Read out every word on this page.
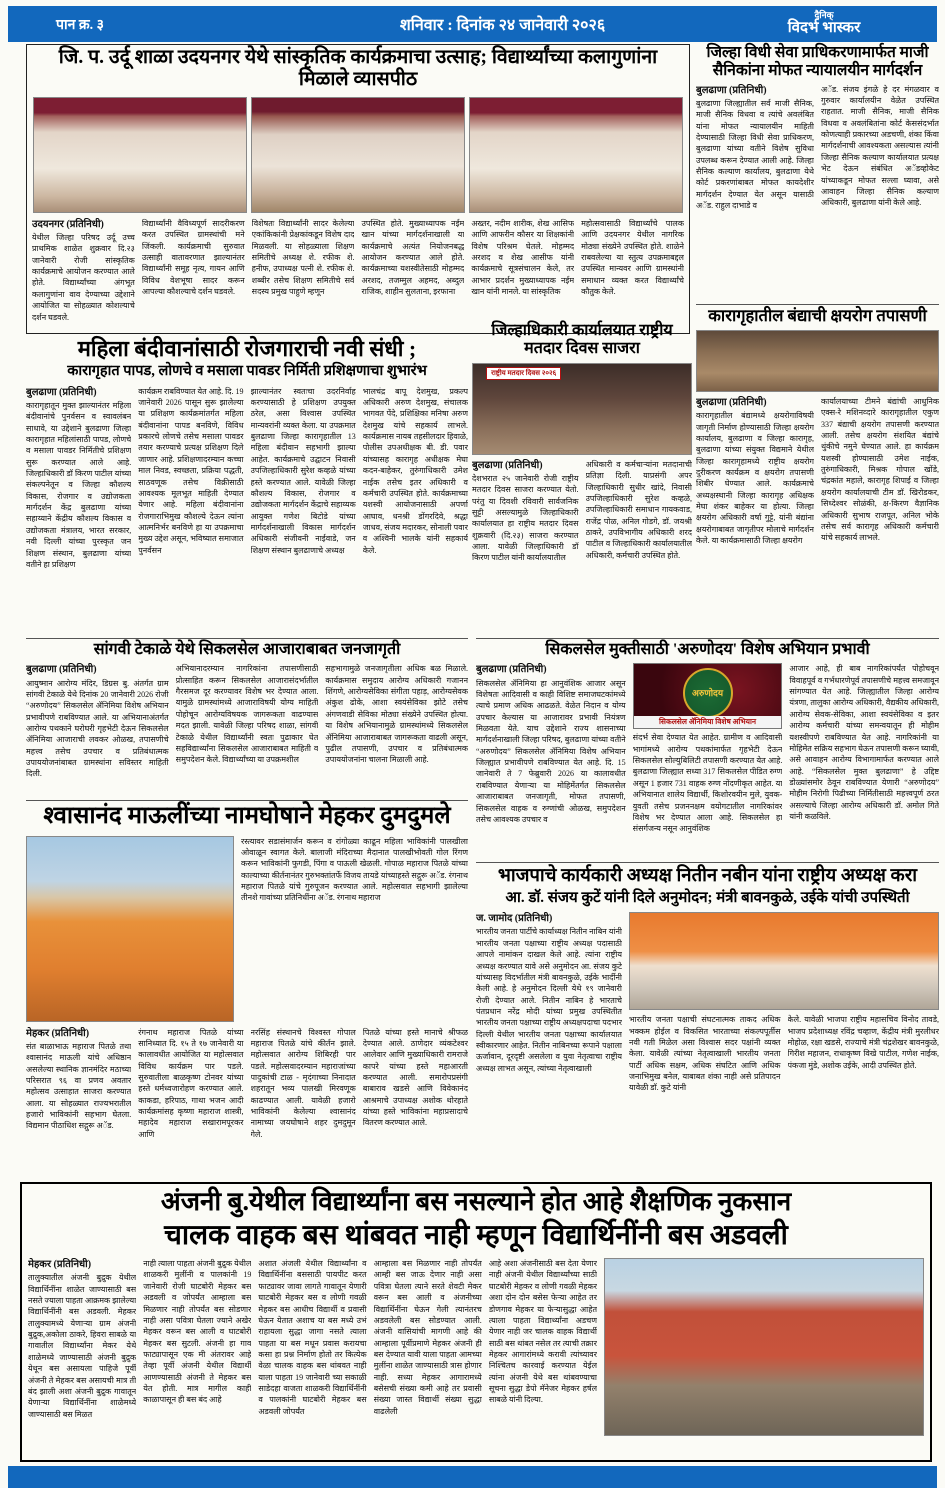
पान क्र. ३	शनिवार : दिनांक २४ जानेवारी २०२६
दैनिक्
विदर्भ भास्कर
जि. प. उर्दू शाळा उदयनगर येथे सांस्कृतिक कार्यक्रमाचा उत्साह; विद्यार्थ्यांच्या कलागुणांना मिळाले व्यासपीठ
उदयनगर (प्रतिनिधी)
येथील जिल्हा परिषद उर्दू उच्च प्राथमिक शाळेत शुक्रवार दि.२३ जानेवारी रोजी सांस्कृतिक कार्यक्रमाचे आयोजन करण्यात आले होते. विद्यार्थ्यांच्या अंगभूत कलागुणांना वाव देण्याच्या उद्देशाने आयोजित या सोहळ्यात कोशल्याचे दर्शन घडवले.
विद्यार्थ्यांनी वैविध्यपूर्ण सादरीकरण करत उपस्थित ग्रामस्थांची मने जिंकली. कार्यक्रमाची सुरुवात उत्साही वातावरणात झाल्यानंतर विद्यार्थ्यांनी समूह नृत्य, गायन आणि विविध वेशभूषा सादर करून आपल्या कौशल्याचे दर्शन घडवले.
विशेषतः विद्यार्थ्यांनी सादर केलेल्या एकांकिकांनी प्रेक्षकांकडून विशेष दाद मिळवली. या सोहळ्याला शिक्षण समितीचे अध्यक्ष शे. रफीक शे. हनीफ, उपाध्यक्ष पत्नी शे. रफीक शे. शब्बीर तसेच शिक्षण समितीचे सर्व सदस्य प्रमुख पाहुणे म्हणून
उपस्थित होते. मुख्याध्यापक नईम खान यांच्या मार्गदर्शनाखाली या कार्यक्रमाचे अत्यंत नियोजनबद्ध आयोजन करण्यात आले होते. कार्यक्रमाच्या यशस्वीतेसाठी मोहम्मद अरशद, तजम्मुल अहमद, अब्दुल राजिक, शाहीन सुलताना, इरफाना
अख्तर, नदीम शारीक, शेख आसिफ आणि आफरीन कौसर या शिक्षकांनी विशेष परिश्रम घेतले. मोहम्मद अरशद व शेख आसीफ यांनी कार्यक्रमाचे सूत्रसंचालन केले, तर आभार प्रदर्शन मुख्याध्यापक नईम खान यांनी मानले. या सांस्कृतिक
महोत्सवासाठी विद्यार्थ्यांचे पालक आणि उदयनगर येथील नागरिक मोठ्या संख्येने उपस्थित होते. शाळेने राबवलेल्या या स्तुत्य उपक्रमाबद्दल उपस्थित मान्यवर आणि ग्रामस्थांनी समाधान व्यक्त करत विद्यार्थ्यांचे कौतुक केले.
जिल्हा विधी सेवा प्राधिकरणामार्फत माजी सैनिकांना मोफत न्यायालयीन मार्गदर्शन
बुलढाणा (प्रतिनिधी)
बुलढाणा जिल्ह्यातील सर्व माजी सैनिक, माजी सैनिक विधवा व त्यांचे अवलंबित यांना मोफत न्यायालयीन माहिती देण्यासाठी जिल्हा विधी सेवा प्राधिकरण, बुलढाणा यांच्या वतीने विशेष सुविधा उपलब्ध करून देण्यात आली आहे. जिल्हा सैनिक कल्याण कार्यालय, बुलढाणा येथे कोर्ट प्रकरणांबाबत मोफत कायदेशीर मार्गदर्शन देण्यात येत असून यासाठी अॅड. राहुल दाभाडे व
अॅड. संजय इंगळे हे दर मंगळवार व गुरुवार कार्यालयीन वेळेत उपस्थित राहतात. माजी सैनिक, माजी सैनिक विधवा व अवलंबितांना कोर्ट केससंदर्भात कोणत्याही प्रकारच्या अडचणी, शंका किंवा मार्गदर्शनाची आवश्यकता असल्यास त्यांनी जिल्हा सैनिक कल्याण कार्यालयात प्रत्यक्ष भेट देऊन संबंधित अॅडव्होकेट यांच्याकडून मोफत सल्ला घ्यावा, असे आवाहन जिल्हा सैनिक कल्याण अधिकारी, बुलढाणा यांनी केले आहे.
कारागृहातील बंद्याची क्षयरोग तपासणी
बुलढाणा (प्रतिनिधी)
कारागृहातील बंद्यामध्ये क्षयरोगाविषयी जागृती निर्माण होण्यासाठी जिल्हा क्षयरोग कार्यालय, बुलढाणा व जिल्हा कारागृह, बुलढाणा यांच्या संयुक्त विद्यमाने येथील जिल्हा कारागृहामध्ये राष्ट्रीय क्षयरोग दुरीकरण कार्यक्रम व क्षयरोग तपासणी शिबीर घेण्यात आले. कार्यक्रमाचे अध्यक्षस्थानी जिल्हा कारागृह अधिक्षक मेघा शंकर बाहेकर या होत्या. जिल्हा क्षयरोग अधिकारी वर्षा गुट्टे, यांनी बंद्यांना क्षयरोगाबाबत जागृतीपर मोलाचे मार्गदर्शन केले. या कार्यक्रमासाठी जिल्हा क्षयरोग
कार्यालयाच्या टीमने बंद्यांची आधुनिक एक्स-रे मशिनव्दारे कारागृहातील एकुण 337 बंद्याची क्षयरोग तपासणी करण्यात आली. तसेच क्षयरोग संशयित बंद्यांचे थुंकीचे नमुने घेण्यात आले. हा कार्यक्रम यशस्वी होण्यासाठी उमेश नाईक, तुरुंगाधिकारी, मिश्रक गोपाल खोंडे, चंद्रकांत महाले, कारागृह शिपाई व जिल्हा क्षयरोग कार्यालयाची टीम डॉ. खिरोडकर, सिध्देश्वर सोळंकी, क्ष-किरण वैज्ञानिक अधिकारी सुभाष राजपूत, अनिल भोके तसेच सर्व कारागृह अधिकारी कर्मचारी यांचे सहकार्य लाभले.
महिला बंदीवानांसाठी रोजगाराची नवी संधी ;
कारागृहात पापड, लोणचे व मसाला पावडर निर्मिती प्रशिक्षणाचा शुभारंभ
बुलढाणा (प्रतिनिधी)
कारागृहातून मुक्त झाल्यानंतर महिला बंदीवानांचे पुनर्वसन व स्वावलंबन साधावे, या उद्देशाने बुलढाणा जिल्हा कारागृहात महिलांसाठी पापड, लोणचे व मसाला पावडर निर्मितीचे प्रशिक्षण सुरू करण्यात आले आहे. जिल्हाधिकारी डॉ किरण पाटील यांच्या संकल्पनेतून व जिल्हा कौशल्य विकास, रोजगार व उद्योजकता मार्गदर्शन केंद्र बुलढाणा यांच्या सहाय्याने केंद्रीय कौशल्य विकास व उद्योजकता मंत्रालय, भारत सरकार, नवी दिल्ली यांच्या पुरस्कृत जन शिक्षण संस्थान, बुलढाणा यांच्या वतीने हा प्रशिक्षण
कार्यक्रम राबविण्यात येत आहे. दि. 19 जानेवारी 2026 पासून सुरू झालेल्या या प्रशिक्षण कार्यक्रमांतर्गत महिला बंदीवानांना पापड बनविणे, विविध प्रकारचे लोणचे तसेच मसाला पावडर तयार करण्याचे प्रत्यक्ष प्रशिक्षण दिले जाणार आहे. प्रशिक्षणादरम्यान कच्चा माल निवड, स्वच्छता, प्रक्रिया पद्धती, साठवणूक तसेच विक्रीसाठी आवश्यक मूलभूत माहिती देण्यात येणार आहे. महिला बंदीवानांना रोजगाराभिमुख कौशल्ये देऊन त्यांना आत्मनिर्भर बनविणे हा या उपक्रमाचा मुख्य उद्देश असून, भविष्यात समाजात पुनर्वसन
झाल्यानंतर स्वतःचा उदरनिर्वाह करण्यासाठी हे प्रशिक्षण उपयुक्त ठरेल, असा विश्वास उपस्थित मान्यवरांनी व्यक्त केला. या उपक्रमात बुलढाणा जिल्हा कारागृहातील 13 महिला बंदीवान सहभागी झाल्या आहेत. कार्यक्रमाचे उद्घाटन निवासी उपजिल्हाधिकारी सुरेश कव्हळे यांच्या हस्ते करण्यात आले. यावेळी जिल्हा कौशल्य विकास, रोजगार व उद्योजकता मार्गदर्शन केंद्राचे सहाय्यक आयुक्त गणेश बिटोडे यांच्या मार्गदर्शनाखाली विकास मार्गदर्शन अधिकारी संजीवनी नाईवाडे, जन शिक्षण संस्थान बुलढाणाचे अध्यक्ष
भालचंद्र बापू देशमुख, प्रकल्प अधिकारी अरुण देशमुख, संचालक भागवत पेंदे, प्रशिक्षिका मनिषा अरुण देशमुख यांचे सहकार्य लाभले. कार्यक्रमास नायब तहसीलदार हिवाळे, पोलीस उपअधीक्षक बी. डी. पवार यांच्यासह कारागृह अधीक्षक मेघा कदन-बाहेकर, तुरुंगाधिकारी उमेश नाईक तसेच इतर अधिकारी व कर्मचारी उपस्थित होते. कार्यक्रमाच्या यशस्वी आयोजनासाठी अपर्णा आघाव, धनश्री डोंगरदिवे, श्रद्धा जाधव, संजय मदारकर, सोनाली पवार व अश्विनी भालके यांनी सहकार्य केले.
जिल्हाधिकारी कार्यालयात राष्ट्रीय मतदार दिवस साजरा
राष्ट्रीय मतदार दिवस २०२६
बुलढाणा (प्रतिनिधी)
देशभरात २५ जानेवारी रोजी राष्ट्रीय मतदार दिवस साजरा करण्यात येतो. परंतु या दिवशी रविवारी सार्वजनिक सुट्टी असल्यामुळे जिल्हाधिकारी कार्यालयात हा राष्ट्रीय मतदार दिवस शुक्रवारी (दि.२३) साजरा करण्यात आला. यावेळी जिल्हाधिकारी डॉ किरण पाटील यांनी कार्यालयातील
अधिकारी व कर्मचाऱ्यांना मतदानाची प्रतिज्ञा दिली. याप्रसंगी अपर जिल्हाधिकारी सुधीर खांदे, निवासी उपजिल्हाधिकारी सुरेश कव्हळे, उपजिल्हाधिकारी समाधान गायकवाड, राजेंद्र पोळ, अनिल गोडगे, डॉ. जयश्री ठाकरे, उपविभागीय अधिकारी शरद पाटील व जिल्हाधिकारी कार्यालयातील अधिकारी, कर्मचारी उपस्थित होते.
सांगवी टेकाळे येथे सिकलसेल आजाराबाबत जनजागृती
बुलढाणा (प्रतिनिधी)
आयुष्मान आरोग्य मंदिर, डिग्रस बु. अंतर्गत ग्राम सांगवी टेकाळे येथे दिनांक 20 जानेवारी 2026 रोजी “अरुणोदय” सिकलसेल ॲनिमिया विशेष अभियान प्रभावीपणे राबविण्यात आले. या अभियानाअंतर्गत आरोग्य पथकाने घरोघरी गृहभेटी देऊन सिकलसेल ॲनिमिया आजाराची लवकर ओळख, तपासणीचे महत्त्व तसेच उपचार व प्रतिबंधात्मक उपाययोजनांबाबत ग्रामस्थांना सविस्तर माहिती दिली.
अभियानादरम्यान नागरिकांना तपासणीसाठी प्रोत्साहित करून सिकलसेल आजारासंदर्भातील गैरसमज दूर करण्यावर विशेष भर देण्यात आला. यामुळे ग्रामस्थांमध्ये आजाराविषयी योग्य माहिती पोहोचून आरोग्यविषयक जागरूकता वाढण्यास मदत झाली. यावेळी जिल्हा परिषद शाळा, सांगवी टेकाळे येथील विद्यार्थ्यांनी स्वतः पुढाकार घेत सहविद्यार्थ्यांना सिकलसेल आजाराबाबत माहिती व समुपदेशन केले. विद्यार्थ्यांच्या या उपक्रमशील
सहभागामुळे जनजागृतीला अधिक बळ मिळाले. कार्यक्रमास समुदाय आरोग्य अधिकारी गजानन शिंगणे, आरोग्यसेविका संगीता पहाड़, आरोग्यसेवक अंकुश ढोके, आशा स्वयंसेविका झोटे तसेच अंगणवाडी सेविका मोठ्या संख्येने उपस्थित होत्या. या विशेष अभियानामुळे ग्रामस्थांमध्ये सिकलसेल ॲनिमिया आजाराबाबत जागरूकता वाढली असून, पुढील तपासणी, उपचार व प्रतिबंधात्मक उपाययोजनांना चालना मिळाली आहे.
सिकलसेल मुक्तीसाठी 'अरुणोदय' विशेष अभियान प्रभावी
बुलढाणा (प्रतिनिधी)
सिकलसेल ॲनिमिया हा आनुवंशिक आजार असून विशेषतः आदिवासी व काही विशिष्ट समाजघटकांमध्ये त्याचे प्रमाण अधिक आढळते. वेळेत निदान व योग्य उपचार केल्यास या आजारावर प्रभावी नियंत्रण मिळवता येते. याच उद्देशाने राज्य शासनाच्या मार्गदर्शनाखाली जिल्हा परिषद, बुलढाणा यांच्या वतीने “अरुणोदय” सिकलसेल ॲनिमिया विशेष अभियान जिल्ह्यात प्रभावीपणे राबविण्यात येत आहे. दि. 15 जानेवारी ते 7 फेब्रुवारी 2026 या कालावधीत राबविण्यात येणाऱ्या या मोहिमेंतर्गत सिकलसेल आजाराबाबत जनजागृती, मोफत तपासणी, सिकलसेल वाहक व रुग्णांची ओळख, समुपदेशन तसेच आवश्यक उपचार व
अरुणोदय
सिकलसेल ॲनिमिया विशेष अभियान
संदर्भ सेवा देण्यात येत आहेत. ग्रामीण व आदिवासी भागांमध्ये आरोग्य पथकांमार्फत गृहभेटी देऊन सिकलसेल सोल्युबिलिटी तपासणी करण्यात येत आहे. बुलढाणा जिल्ह्यात सध्या 317 सिकलसेल पीडित रुग्ण असून 1 हजार 731 वाहक रुग्ण नोंदणीकृत आहेत. या अभियानात शालेय विद्यार्थी, किशोरवयीन मुले, युवक-युवती तसेच प्रजननक्षम वयोगटातील नागरिकांवर विशेष भर देण्यात आला आहे. सिकलसेल हा संसर्गजन्य नसून आनुवंशिक
आजार आहे, ही बाब नागरिकांपर्यंत पोहोचवून विवाहपूर्व व गर्भधारणेपूर्व तपासणीचे महत्त्व समजावून सांगण्यात येत आहे. जिल्ह्यातील जिल्हा आरोग्य यंत्रणा, तालुका आरोग्य अधिकारी, वैद्यकीय अधिकारी, आरोग्य सेवक-सेविका, आशा स्वयंसेविका व इतर आरोग्य कर्मचारी यांच्या समन्वयातून ही मोहीम यशस्वीपणे राबविण्यात येत आहे. नागरिकांनी या मोहिमेत सक्रिय सहभाग घेऊन तपासणी करून घ्यावी, असे आवाहन आरोग्य विभागामार्फत करण्यात आले आहे. “सिकलसेल मुक्त बुलढाणा” हे उद्दिष्ट डोळ्यांसमोर ठेवून राबविण्यात येणारी “अरुणोदय” मोहीम निरोगी पिढीच्या निर्मितीसाठी महत्त्वपूर्ण ठरत असल्याचे जिल्हा आरोग्य अधिकारी डॉ. अमोल गिते यांनी कळविले.
श्वासानंद माऊलींच्या नामघोषाने मेहकर दुमदुमले
रस्त्यावर सडासंमार्जन करून व रांगोळ्या काढून महिला भाविकांनी पालखीला ओवाळून स्वागत केले. बालाजी मंदिराच्या मैदानात पालखीभोवती गोल रिंगण करून भाविकांनी फुगडी, पिंगा व पाऊली खेळली. गोपाळ महाराज पितळे यांच्या काल्याच्या कीर्तनानंतर गुरुभक्तांतर्फे विजय तायडे यांच्याहस्ते सद्गुरू अॅड. रंगनाथ महाराज पितळे यांचे गुरुपूजन करण्यात आले. महोत्सवात सहभागी झालेल्या तीनशे गावांच्या प्रतिनिधींना अॅड. रंगनाथ महाराज
मेहकर (प्रतिनिधी)
संत बाळाभाऊ महाराज पितळे तथा श्वासानंद माऊली यांचे अधिष्ठान असलेल्या स्थानिक ज्ञानमंदिर मठाच्या परिसरात ९६ वा प्रणव अवतार महोत्सव उत्साहात साजरा करण्यात आला. या सोहळ्यात राज्यभरातील हजारो भाविकांनी सहभाग घेतला. विद्यमान पीठाधिश सद्गुरू अॅड.
रंगनाथ महाराज पितळे यांच्या सानिध्यात दि. १५ ते १७ जानेवारी या कालावधीत आयोजित या महोत्सवात विविध कार्यक्रम पार पडले. सुरुवातीला बाळकृष्ण टोनवर यांच्या हस्ते धर्मध्वजारोहण करण्यात आले. काकडा, हरिपाठ, गाथा भजन आदी कार्यक्रमांसह कृष्णा महाराज शास्त्री, महादेव महाराज सखारामपूरकर आणि
नरसिंह संस्थानचे विश्वस्त गोपाल महाराज पितळे यांचे कीर्तन झाले. महोत्सवात आरोग्य शिबिरही पार पडले. महोत्सवादरम्यान महाराजांच्या पादुकांची टाळ - मृदंगाच्या निनादात शहरातून भव्य पालखी मिरवणूक काढण्यात आली. यावेळी हजारो भाविकांनी केलेल्या श्वासानंद नामाच्या जयघोषाने शहर दुमदुमून गेले.
पितळे यांच्या हस्ते मानाचे श्रीफळ देण्यात आले. ठाणेदार व्यंकटेश्वर आलेवार आणि मुख्याधिकारी रामराजे कापरे यांच्या हस्ते महाआरती करण्यात आली. समारोपप्रसंगी बाबाराव खडसे आणि विवेकानंद आश्रमाचे उपाध्यक्ष अशोक थोरहाते यांच्या हस्ते भाविकांना महाप्रसादाचे वितरण करण्यात आले.
भाजपाचे कार्यकारी अध्यक्ष नितीन नबीन यांना राष्ट्रीय अध्यक्ष करा
आ. डॉ. संजय कुटें यांनी दिले अनुमोदन; मंत्री बावनकुळे, उईके यांची उपस्थिती
ज. जामोद (प्रतिनिधी)
भारतीय जनता पार्टीचे कार्याध्यक्ष नितीन नाबिन यांनी भारतीय जनता पक्षाच्या राष्ट्रीय अध्यक्ष पदासाठी आपले नामांकन दाखल केले आहे. त्यांना राष्ट्रीय अध्यक्ष करण्यात यावे असे अनुमोदन आ. संजय कुटे यांच्यासह विदर्भातील मंत्री बावनकुळे, उईके भार्दीनी केली आहे. हे अनुमोदन दिल्ली येथे १९ जानेवारी रोजी देण्यात आले. नितीन नाबिन हे भारताचे पंतप्रधान नरेंद्र मोदी यांच्या प्रमुख उपस्थितीत भारतीय जनता पक्षाच्या राष्ट्रीय अध्यक्षपदाचा पदभार दिल्ली येथील भारतीय जनता पक्षाच्या कार्यालयात स्वीकारणार आहेत. नितीन नाबिनच्या रूपाने पक्षाला ऊर्जावान, दूरदृष्टी असलेला व युवा नेतृत्वाचा राष्ट्रीय अध्यक्ष लाभत असून, त्यांच्या नेतृत्वाखाली
भारतीय जनता पक्षाची संघटनात्मक ताकद अधिक भक्कम होईल व विकसित भारताच्या संकल्पपूर्तीस नवी गती मिळेल असा विश्वास सदर पक्षांनी व्यक्त केला. यावेळी त्यांच्या नेतृत्वाखाली भारतीय जनता पार्टी अधिक सक्षम, अधिक संघटित आणि अधिक जनाभिमुख बनेल, याबाबत शंका नाही असे प्रतिपादन यावेळी डॉ. कुटे यांनी
केले. यावेळी भाजपा राष्ट्रीय महासचिव विनोद तावडे, भाजप प्रदेशाध्यक्ष रविंद्र चव्हाण, केंद्रीय मंत्री मुरलीधर मोहोळ, रक्षा खडसे, राज्याचे मंत्री चंद्रशेखर बावनकुळे, गिरीश महाजन, राधाकृष्ण विखे पाटील, गणेश नाईक, पंकजा मुंडे, अशोक उईके, आदी उपस्थित होते.
अंजनी बु.येथील विद्यार्थ्यांना बस नसल्याने होत आहे शैक्षणिक नुकसान
चालक वाहक बस थांबवत नाही म्हणून विद्यार्थिनींनी बस अडवली
मेहकर (प्रतिनिधी)
तालुक्यातील अंजनी बुद्रुक येथील विद्यार्थिनींना शाळेत जाण्यासाठी बस नसते ज्याला पाहता आक्रमक झालेल्या विद्यार्थिनींनी बस अडवली. मेहकर तालुक्यामध्ये येणाऱ्या ग्राम अंजनी बुद्रुक,अकोला ठाकरे, हिवरा साबळे या गावातील विद्यार्थ्यांना मेकर येथे शाळेमध्ये जाण्यासाठी अंजनी बुद्रुक येथून बस असायला पाहिजे पूर्वी अंजनी ते मेहकर बस असायची मात्र ती बंद झाली अशा अंजनी बुद्रुक गावातून येणाऱ्या विद्यार्थिनींना शाळेमध्ये जाण्यासाठी बस मिळत
नाही त्याला पाहता अंजनी बुद्रुक येथील शाळकरी मुलींनी व पालकांनी 19 जानेवारी रोजी घाटबोरी मेहकर बस अडवली व जोपर्यंत आम्हाला बस मिळणार नाही तोपर्यंत बस सोडणार नाही असा पवित्रा घेतला ज्याने अखेर मेहकर वरून बस आली व घाटबोरी मेहकर बस सुटली. अंजनी हा गाव फाट्यापासून एक मी अंतरावर आहे तेव्हा पूर्वी अंजनी येथील विद्यार्थी आणण्यासाठी अंजनी ते मेहकर बस येत होती. मात्र मागील काही काळापासून ही बस बंद आहे
अशात अंजली येथील विद्यार्थ्यांना व विद्यार्थिनींना बससाठी पायपीट करत फाट्यावर जावा लागते गावातून येणारी घाटबोरी मेहकर बस व लोणी गवळी मेहकर बस आधीच विद्यार्थी व प्रवासी घेऊन येतात अशाच या बस मध्ये उभं राहायला सुद्धा जागा नसते त्याला पाहता या बस मधून प्रवास करायचा कसा हा प्रश्न निर्माण होतो तर कित्येक वेळा चालक वाहक बस थांबवत नाही याला पाहता 19 जानेवारी च्या सकाळी साडेदहा वाजता शाळकरी विद्यार्थिनींनी व पालकांनी घाटबोरी मेहकर बस अडवली जोपर्यंत
आम्हाला बस मिळणार नाही तोपर्यंत आम्ही बस जाऊ देणार नाही असा पवित्रा घेतला त्याने सरते शेवटी मेकर वरून बस आली व अंजनीच्या विद्यार्थिनींना घेऊन गेली त्यानंतरच अडवलेली बस सोडण्यात आली. अंजनी वासियांची मागणी आहे की आम्हाला पूर्वीप्रमाणे मेहकर अंजनी ही बस देण्यात यावी याला पाहता आमच्या मुलींना शाळेत जाण्यासाठी त्रास होणार नाही. सध्या मेहकर आगारामध्ये बसेसची संख्या कमी आहे तर प्रवासी संख्या जास्त विद्यार्थी संख्या सुद्धा वाढलेली
आहे अशा अंजनीसाठी बस देता येणार नाही अंजनी येथील विद्यार्थ्यांच्या साठी घाटबोरी मेहकर व लोणी गवळी मेहकर अशा दोन दोन बसेस फेऱ्या आहेत तर डोणगाव मेहकर या फेऱ्यासुद्धा आहेत त्याला पाहता विद्यार्थ्यांना अडचण येणार नाही जर चालक वाहक विद्यार्थी साठी बस थांबत नसेल तर त्याची तक्रार मेहकर आगारांमध्ये करावी त्यांच्यावर निश्चितच कारवाई करण्यात येईल त्यांना अंजनी येथे बस थांबवण्याचा सूचना सुद्धा डेपो मॅनेजर मेहकर हर्षल साबळे यांनी दिल्या.
